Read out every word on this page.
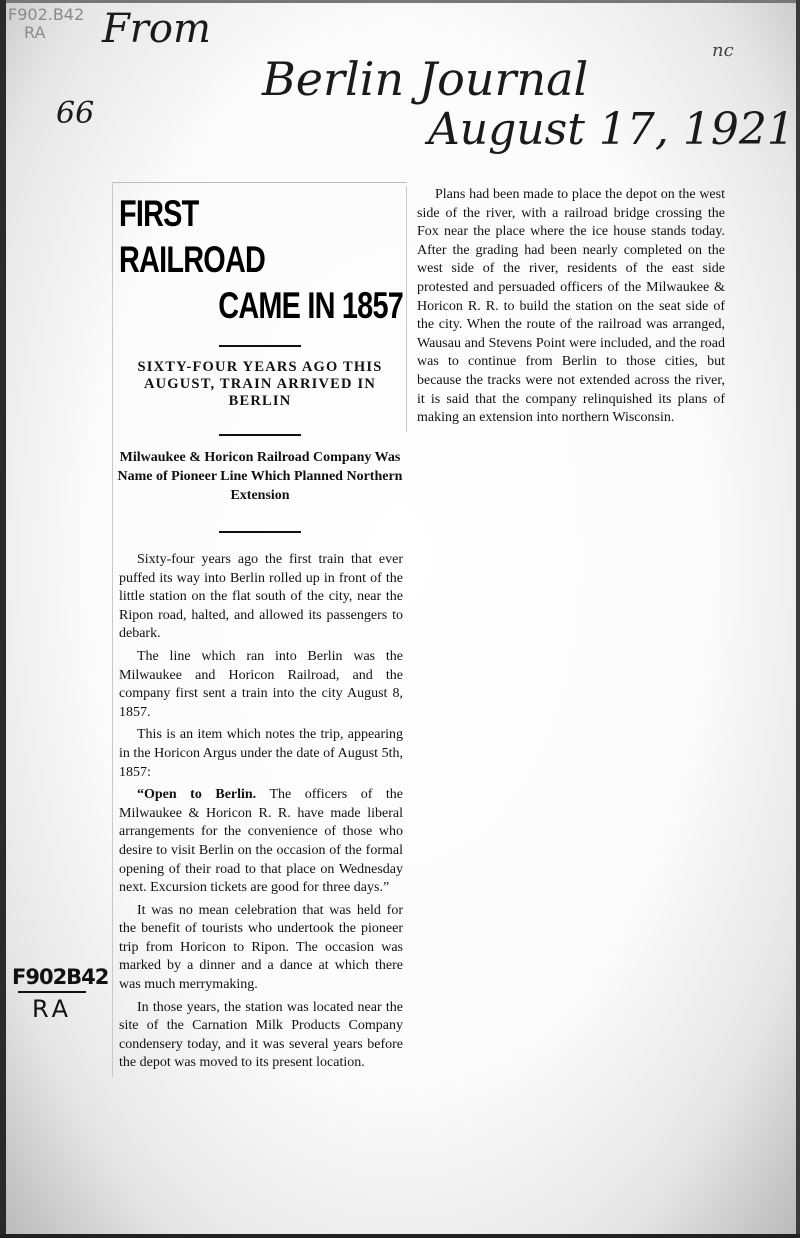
F902.B42
RA	From
Berlin Journal
66	August 17, 1921
nc
F902B42
RA
FIRST RAILROAD
CAME IN 1857
SIXTY-FOUR YEARS AGO THIS AUGUST, TRAIN ARRIVED IN BERLIN
Milwaukee & Horicon Railroad Company Was Name of Pioneer Line Which Planned Northern Extension

Sixty-four years ago the first train that ever puffed its way into Berlin rolled up in front of the little station on the flat south of the city, near the Ripon road, halted, and allowed its passengers to debark.

The line which ran into Berlin was the Milwaukee and Horicon Railroad, and the company first sent a train into the city August 8, 1857.

This is an item which notes the trip, appearing in the Horicon Argus under the date of August 5th, 1857:

“Open to Berlin. The officers of the Milwaukee & Horicon R. R. have made liberal arrangements for the convenience of those who desire to visit Berlin on the occasion of the formal opening of their road to that place on Wednesday next. Excursion tickets are good for three days.”

It was no mean celebration that was held for the benefit of tourists who undertook the pioneer trip from Horicon to Ripon. The occasion was marked by a dinner and a dance at which there was much merrymaking.

In those years, the station was located near the site of the Carnation Milk Products Company condensery today, and it was several years before the depot was moved to its present location.

Plans had been made to place the depot on the west side of the river, with a railroad bridge crossing the Fox near the place where the ice house stands today. After the grading had been nearly completed on the west side of the river, residents of the east side protested and persuaded officers of the Milwaukee & Horicon R. R. to build the station on the seat side of the city. When the route of the railroad was arranged, Wausau and Stevens Point were included, and the road was to continue from Berlin to those cities, but because the tracks were not extended across the river, it is said that the company relinquished its plans of making an extension into northern Wisconsin.
